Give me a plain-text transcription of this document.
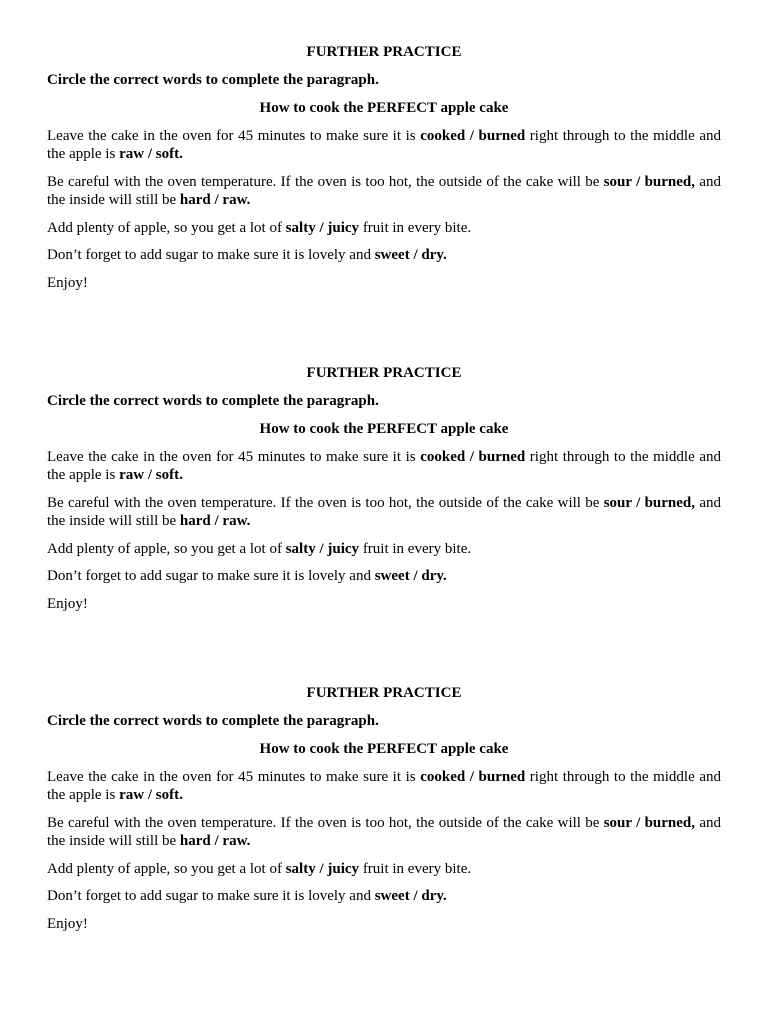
FURTHER PRACTICE

Circle the correct words to complete the paragraph.

How to cook the PERFECT apple cake

Leave the cake in the oven for 45 minutes to make sure it is cooked / burned right through to the middle and the apple is raw / soft.

Be careful with the oven temperature. If the oven is too hot, the outside of the cake will be sour / burned, and the inside will still be hard / raw.

Add plenty of apple, so you get a lot of salty / juicy fruit in every bite.

Don’t forget to add sugar to make sure it is lovely and sweet / dry.

Enjoy!

FURTHER PRACTICE

Circle the correct words to complete the paragraph.

How to cook the PERFECT apple cake

Leave the cake in the oven for 45 minutes to make sure it is cooked / burned right through to the middle and the apple is raw / soft.

Be careful with the oven temperature. If the oven is too hot, the outside of the cake will be sour / burned, and the inside will still be hard / raw.

Add plenty of apple, so you get a lot of salty / juicy fruit in every bite.

Don’t forget to add sugar to make sure it is lovely and sweet / dry.

Enjoy!

FURTHER PRACTICE

Circle the correct words to complete the paragraph.

How to cook the PERFECT apple cake

Leave the cake in the oven for 45 minutes to make sure it is cooked / burned right through to the middle and the apple is raw / soft.

Be careful with the oven temperature. If the oven is too hot, the outside of the cake will be sour / burned, and the inside will still be hard / raw.

Add plenty of apple, so you get a lot of salty / juicy fruit in every bite.

Don’t forget to add sugar to make sure it is lovely and sweet / dry.

Enjoy!
